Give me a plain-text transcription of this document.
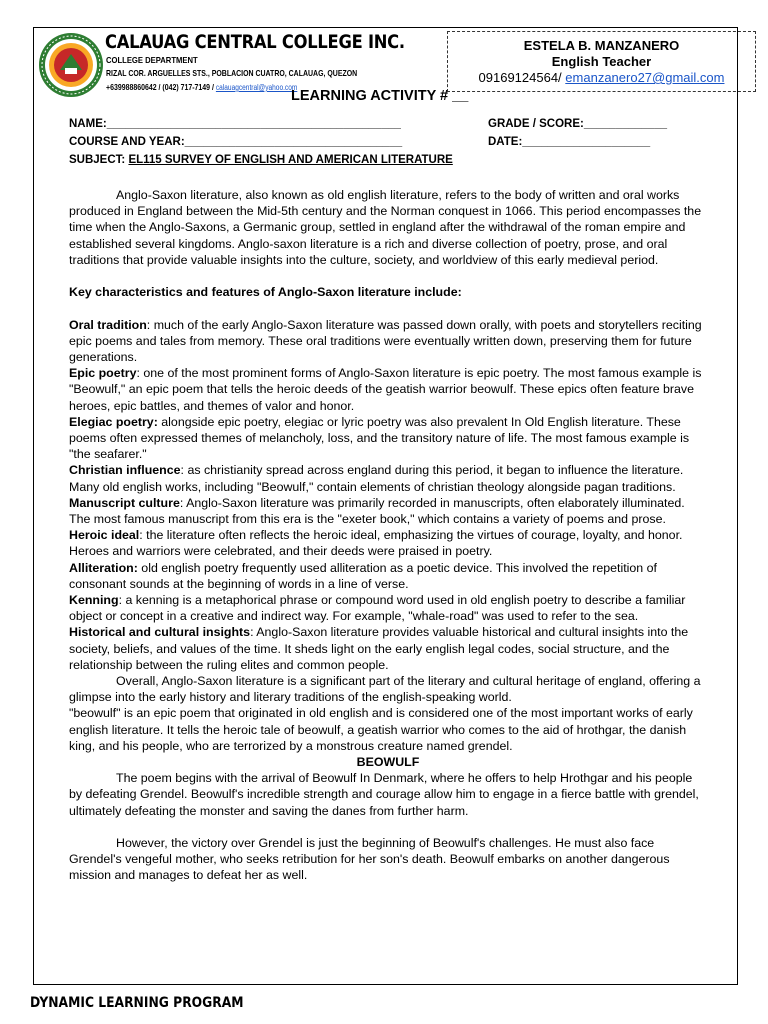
CALAUAG CENTRAL COLLEGE INC.
COLLEGE DEPARTMENT
RIZAL COR. ARGUELLES STS., POBLACION CUATRO, CALAUAG, QUEZON
+639988860642 / (042) 717-7149 / calauagcentral@yahoo.com
ESTELA B. MANZANERO
English Teacher
09169124564/ emanzanero27@gmail.com
LEARNING ACTIVITY # __
NAME:______________________________________________	GRADE / SCORE:_____________
COURSE AND YEAR:__________________________________	DATE:____________________
SUBJECT: EL115 SURVEY OF ENGLISH AND AMERICAN LITERATURE

Anglo-Saxon literature, also known as old english literature, refers to the body of written and oral works produced in England between the Mid-5th century and the Norman conquest in 1066. This period encompasses the time when the Anglo-Saxons, a Germanic group, settled in england after the withdrawal of the roman empire and established several kingdoms. Anglo-saxon literature is a rich and diverse collection of poetry, prose, and oral traditions that provide valuable insights into the culture, society, and worldview of this early medieval period.

Key characteristics and features of Anglo-Saxon literature include:

Oral tradition: much of the early Anglo-Saxon literature was passed down orally, with poets and storytellers reciting epic poems and tales from memory. These oral traditions were eventually written down, preserving them for future generations.

Epic poetry: one of the most prominent forms of Anglo-Saxon literature is epic poetry. The most famous example is "Beowulf," an epic poem that tells the heroic deeds of the geatish warrior beowulf. These epics often feature brave heroes, epic battles, and themes of valor and honor.

Elegiac poetry: alongside epic poetry, elegiac or lyric poetry was also prevalent In Old English literature. These poems often expressed themes of melancholy, loss, and the transitory nature of life. The most famous example is "the seafarer."

Christian influence: as christianity spread across england during this period, it began to influence the literature. Many old english works, including "Beowulf," contain elements of christian theology alongside pagan traditions.

Manuscript culture: Anglo-Saxon literature was primarily recorded in manuscripts, often elaborately illuminated. The most famous manuscript from this era is the "exeter book," which contains a variety of poems and prose.

Heroic ideal: the literature often reflects the heroic ideal, emphasizing the virtues of courage, loyalty, and honor. Heroes and warriors were celebrated, and their deeds were praised in poetry.

Alliteration: old english poetry frequently used alliteration as a poetic device. This involved the repetition of consonant sounds at the beginning of words in a line of verse.

Kenning: a kenning is a metaphorical phrase or compound word used in old english poetry to describe a familiar object or concept in a creative and indirect way. For example, "whale-road" was used to refer to the sea.

Historical and cultural insights: Anglo-Saxon literature provides valuable historical and cultural insights into the society, beliefs, and values of the time. It sheds light on the early english legal codes, social structure, and the relationship between the ruling elites and common people.

Overall, Anglo-Saxon literature is a significant part of the literary and cultural heritage of england, offering a glimpse into the early history and literary traditions of the english-speaking world.

"beowulf" is an epic poem that originated in old english and is considered one of the most important works of early english literature. It tells the heroic tale of beowulf, a geatish warrior who comes to the aid of hrothgar, the danish king, and his people, who are terrorized by a monstrous creature named grendel.

BEOWULF

The poem begins with the arrival of Beowulf In Denmark, where he offers to help Hrothgar and his people by defeating Grendel. Beowulf's incredible strength and courage allow him to engage in a fierce battle with grendel, ultimately defeating the monster and saving the danes from further harm.

However, the victory over Grendel is just the beginning of Beowulf's challenges. He must also face Grendel's vengeful mother, who seeks retribution for her son's death. Beowulf embarks on another dangerous mission and manages to defeat her as well.

DYNAMIC LEARNING PROGRAM
